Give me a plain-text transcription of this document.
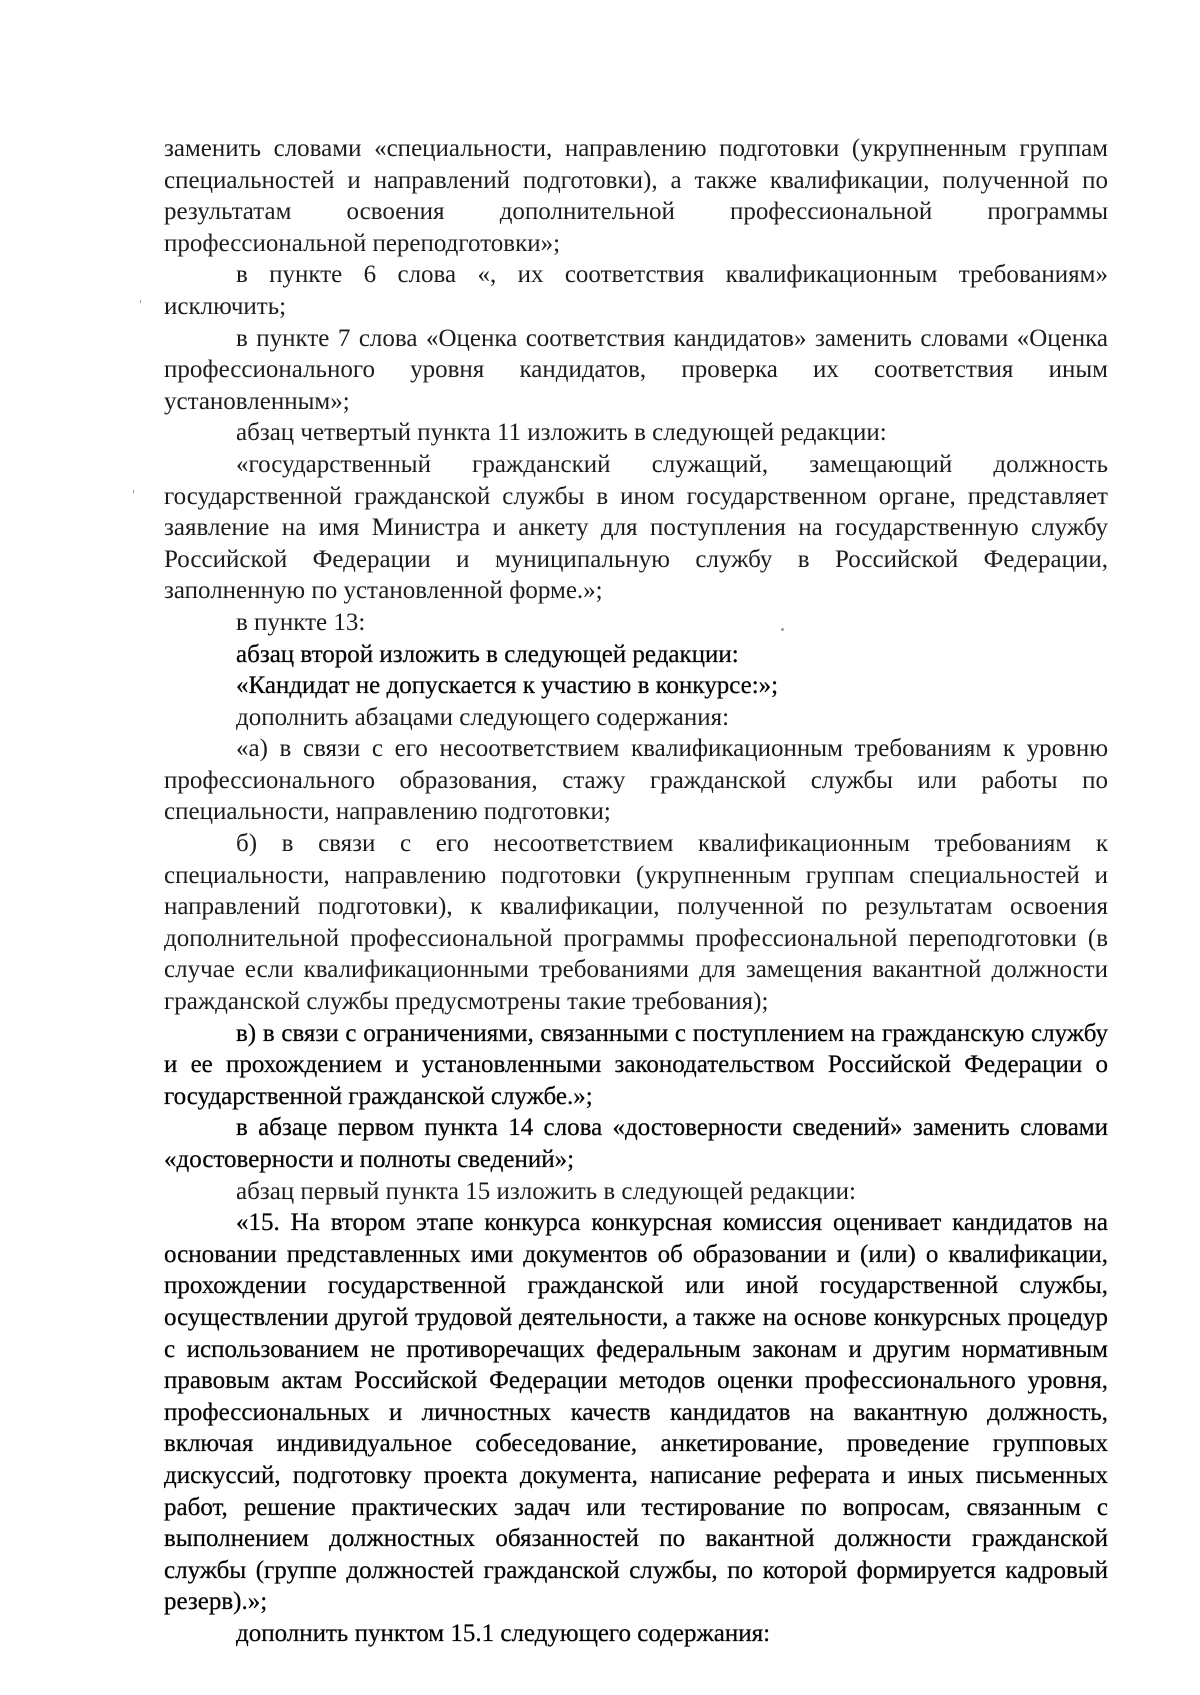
заменить словами «специальности, направлению подготовки (укрупненным группам специальностей и направлений подготовки), а также квалификации, полученной по результатам освоения дополнительной профессиональной программы профессиональной переподготовки»;

в пункте 6 слова «, их соответствия квалификационным требованиям» исключить;

в пункте 7 слова «Оценка соответствия кандидатов» заменить словами «Оценка профессионального уровня кандидатов, проверка их соответствия иным установленным»;

абзац четвертый пункта 11 изложить в следующей редакции:

«государственный гражданский служащий, замещающий должность государственной гражданской службы в ином государственном органе, представляет заявление на имя Министра и анкету для поступления на государственную службу Российской Федерации и муниципальную службу в Российской Федерации, заполненную по установленной форме.»;

в пункте 13:

абзац второй изложить в следующей редакции:

«Кандидат не допускается к участию в конкурсе:»;

дополнить абзацами следующего содержания:

«а) в связи с его несоответствием квалификационным требованиям к уровню профессионального образования, стажу гражданской службы или работы по специальности, направлению подготовки;

б) в связи с его несоответствием квалификационным требованиям к специальности, направлению подготовки (укрупненным группам специальностей и направлений подготовки), к квалификации, полученной по результатам освоения дополнительной профессиональной программы профессиональной переподготовки (в случае если квалификационными требованиями для замещения вакантной должности гражданской службы предусмотрены такие требования);

в) в связи с ограничениями, связанными с поступлением на гражданскую службу и ее прохождением и установленными законодательством Российской Федерации о государственной гражданской службе.»;

в абзаце первом пункта 14 слова «достоверности сведений» заменить словами «достоверности и полноты сведений»;

абзац первый пункта 15 изложить в следующей редакции:

«15. На втором этапе конкурса конкурсная комиссия оценивает кандидатов на основании представленных ими документов об образовании и (или) о квалификации, прохождении государственной гражданской или иной государственной службы, осуществлении другой трудовой деятельности, а также на основе конкурсных процедур с использованием не противоречащих федеральным законам и другим нормативным правовым актам Российской Федерации методов оценки профессионального уровня, профессиональных и личностных качеств кандидатов на вакантную должность, включая индивидуальное собеседование, анкетирование, проведение групповых дискуссий, подготовку проекта документа, написание реферата и иных письменных работ, решение практических задач или тестирование по вопросам, связанным с выполнением должностных обязанностей по вакантной должности гражданской службы (группе должностей гражданской службы, по которой формируется кадровый резерв).»;

дополнить пунктом 15.1 следующего содержания:
